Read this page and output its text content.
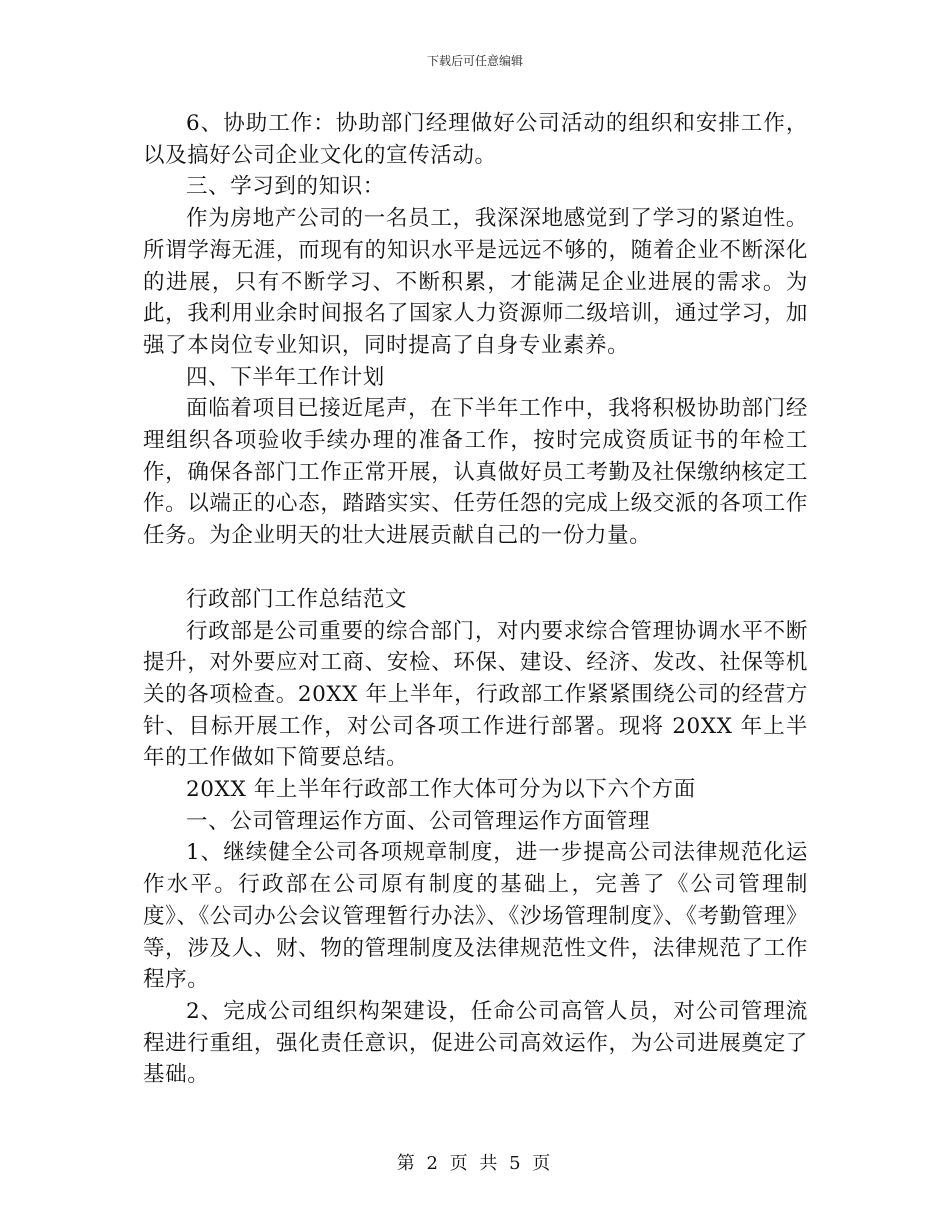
下载后可任意编辑

6、协助工作：协助部门经理做好公司活动的组织和安排工作，以及搞好公司企业文化的宣传活动。

三、学习到的知识：

作为房地产公司的一名员工，我深深地感觉到了学习的紧迫性。所谓学海无涯，而现有的知识水平是远远不够的，随着企业不断深化的进展，只有不断学习、不断积累，才能满足企业进展的需求。为此，我利用业余时间报名了国家人力资源师二级培训，通过学习，加强了本岗位专业知识，同时提高了自身专业素养。

四、下半年工作计划

面临着项目已接近尾声，在下半年工作中，我将积极协助部门经理组织各项验收手续办理的准备工作，按时完成资质证书的年检工作，确保各部门工作正常开展，认真做好员工考勤及社保缴纳核定工作。以端正的心态，踏踏实实、任劳任怨的完成上级交派的各项工作任务。为企业明天的壮大进展贡献自己的一份力量。

行政部门工作总结范文

行政部是公司重要的综合部门，对内要求综合管理协调水平不断提升，对外要应对工商、安检、环保、建设、经济、发改、社保等机关的各项检查。20XX 年上半年，行政部工作紧紧围绕公司的经营方针、目标开展工作，对公司各项工作进行部署。现将 20XX 年上半年的工作做如下简要总结。

20XX 年上半年行政部工作大体可分为以下六个方面

一、公司管理运作方面、公司管理运作方面管理

1、继续健全公司各项规章制度，进一步提高公司法律规范化运作水平。行政部在公司原有制度的基础上，完善了《公司管理制度》、《公司办公会议管理暂行办法》、《沙场管理制度》、《考勤管理》等，涉及人、财、物的管理制度及法律规范性文件，法律规范了工作程序。

2、完成公司组织构架建设，任命公司高管人员，对公司管理流程进行重组，强化责任意识，促进公司高效运作，为公司进展奠定了基础。

第 2 页 共 5 页
